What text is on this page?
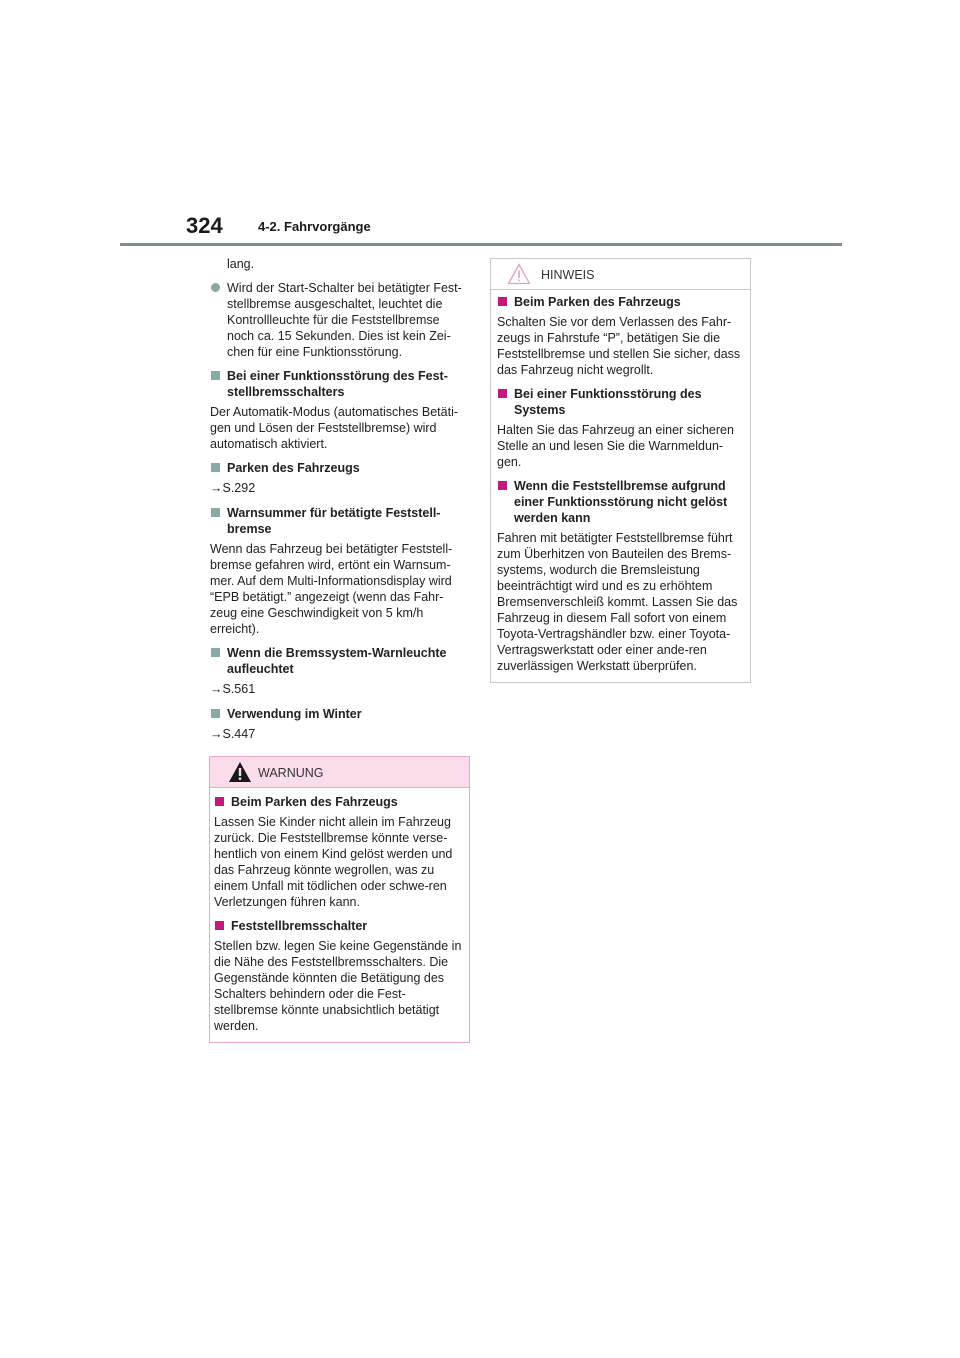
324	4-2. Fahrvorgänge

lang.

Wird der Start-Schalter bei betätigter Fest-stellbremse ausgeschaltet, leuchtet die Kontrollleuchte für die Feststellbremse noch ca. 15 Sekunden. Dies ist kein Zei-chen für eine Funktionsstörung.
Bei einer Funktionsstörung des Fest-stellbremsschalters

Der Automatik-Modus (automatisches Betäti-gen und Lösen der Feststellbremse) wird automatisch aktiviert.

Parken des Fahrzeugs

→S.292

Warnsummer für betätigte Feststell-bremse

Wenn das Fahrzeug bei betätigter Feststell-bremse gefahren wird, ertönt ein Warnsum-mer. Auf dem Multi-Informationsdisplay wird “EPB betätigt.” angezeigt (wenn das Fahr-zeug eine Geschwindigkeit von 5 km/h erreicht).

Wenn die Bremssystem-Warnleuchte aufleuchtet

→S.561

Verwendung im Winter

→S.447

WARNUNG
Beim Parken des Fahrzeugs

Lassen Sie Kinder nicht allein im Fahrzeug zurück. Die Feststellbremse könnte verse-hentlich von einem Kind gelöst werden und das Fahrzeug könnte wegrollen, was zu einem Unfall mit tödlichen oder schwe-ren Verletzungen führen kann.

Feststellbremsschalter

Stellen bzw. legen Sie keine Gegenstände in die Nähe des Feststellbremsschalters. Die Gegenstände könnten die Betätigung des Schalters behindern oder die Fest-stellbremse könnte unabsichtlich betätigt werden.

HINWEIS
Beim Parken des Fahrzeugs

Schalten Sie vor dem Verlassen des Fahr-zeugs in Fahrstufe “P”, betätigen Sie die Feststellbremse und stellen Sie sicher, dass das Fahrzeug nicht wegrollt.

Bei einer Funktionsstörung des Systems

Halten Sie das Fahrzeug an einer sicheren Stelle an und lesen Sie die Warnmeldun-gen.

Wenn die Feststellbremse aufgrund einer Funktionsstörung nicht gelöst werden kann

Fahren mit betätigter Feststellbremse führt zum Überhitzen von Bauteilen des Brems-systems, wodurch die Bremsleistung beeinträchtigt wird und es zu erhöhtem Bremsenverschleiß kommt. Lassen Sie das Fahrzeug in diesem Fall sofort von einem Toyota-Vertragshändler bzw. einer Toyota-Vertragswerkstatt oder einer ande-ren zuverlässigen Werkstatt überprüfen.
